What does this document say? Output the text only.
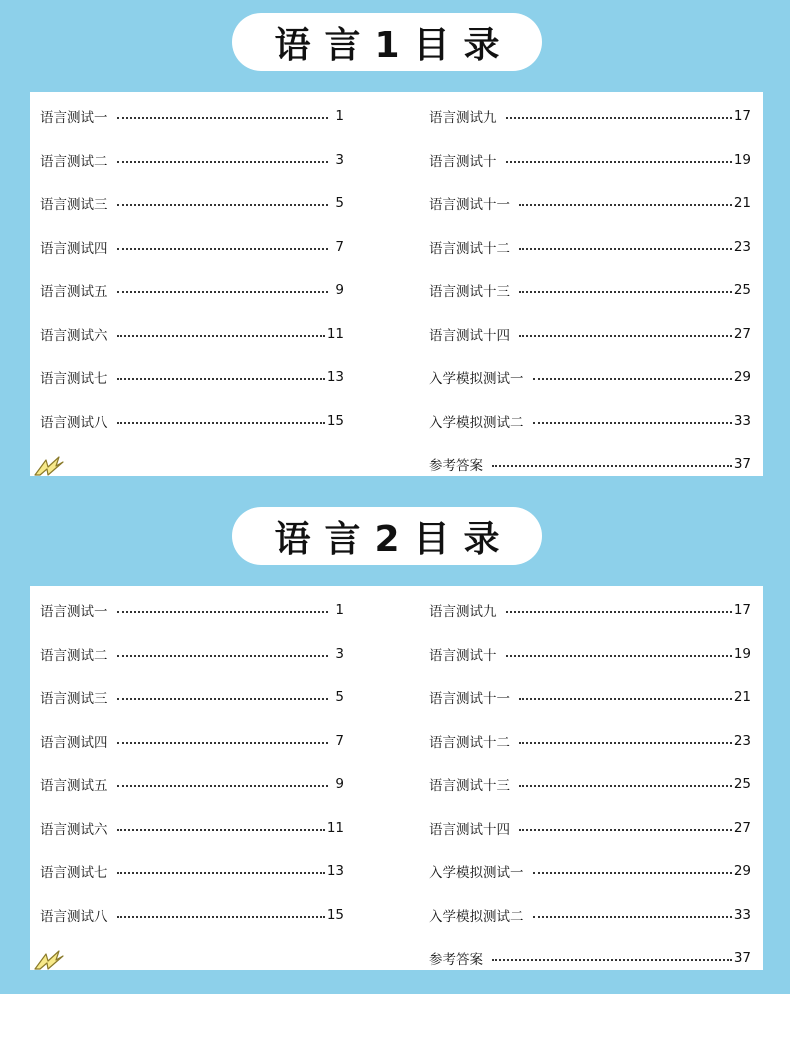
语言1目录
语言测试一	1
语言测试二	3
语言测试三	5
语言测试四	7
语言测试五	9
语言测试六	11
语言测试七	13
语言测试八	15
语言测试九	17
语言测试十	19
语言测试十一	21
语言测试十二	23
语言测试十三	25
语言测试十四	27
入学模拟测试一	29
入学模拟测试二	33
参考答案	37
语言2目录
语言测试一	1
语言测试二	3
语言测试三	5
语言测试四	7
语言测试五	9
语言测试六	11
语言测试七	13
语言测试八	15
语言测试九	17
语言测试十	19
语言测试十一	21
语言测试十二	23
语言测试十三	25
语言测试十四	27
入学模拟测试一	29
入学模拟测试二	33
参考答案	37
